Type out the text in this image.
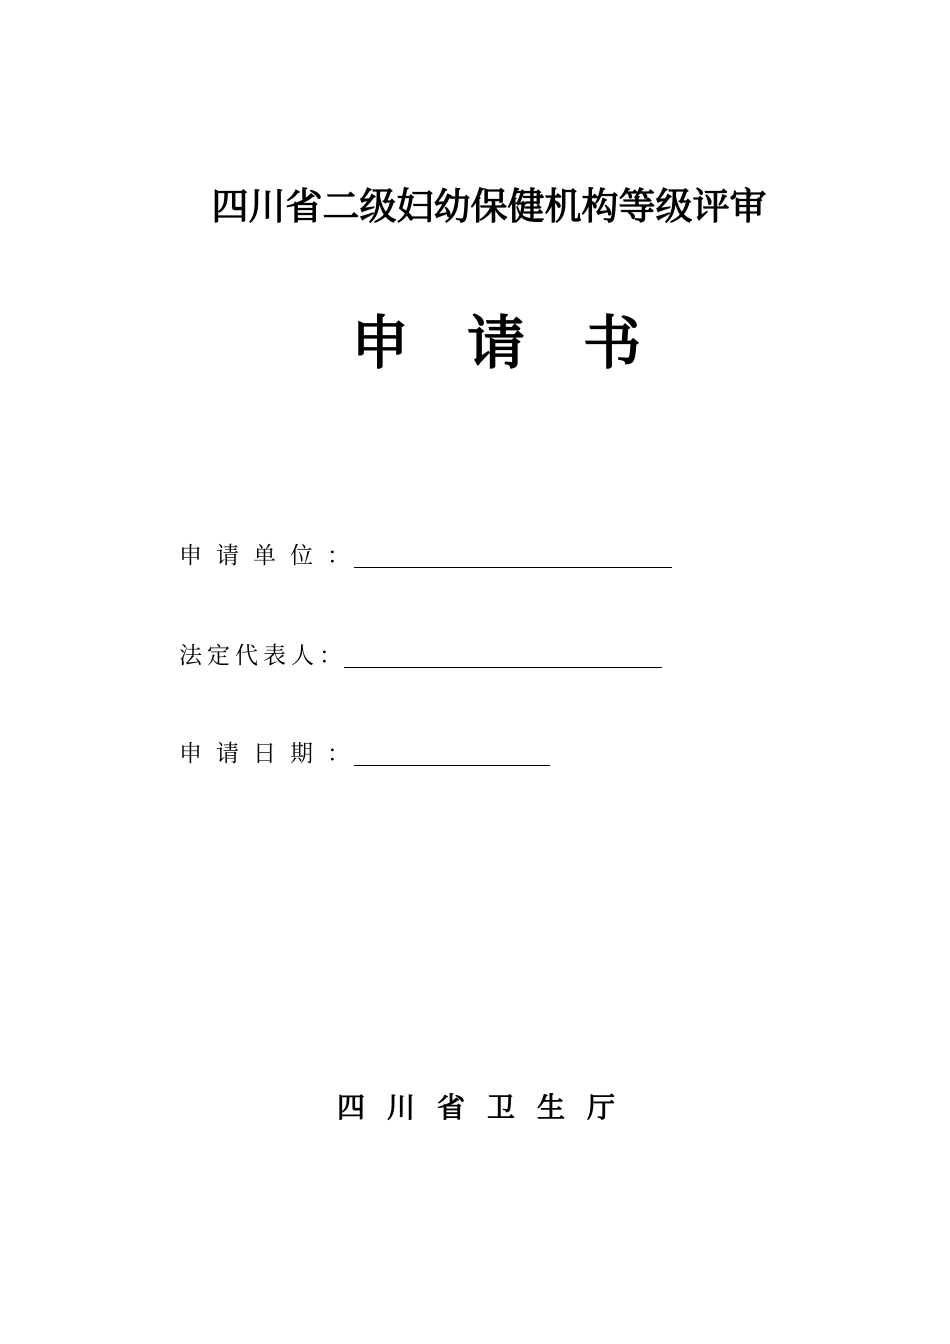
四川省二级妇幼保健机构等级评审
申请书
申请单位：
法定代表人：
申请日期：
四川省卫生厅
